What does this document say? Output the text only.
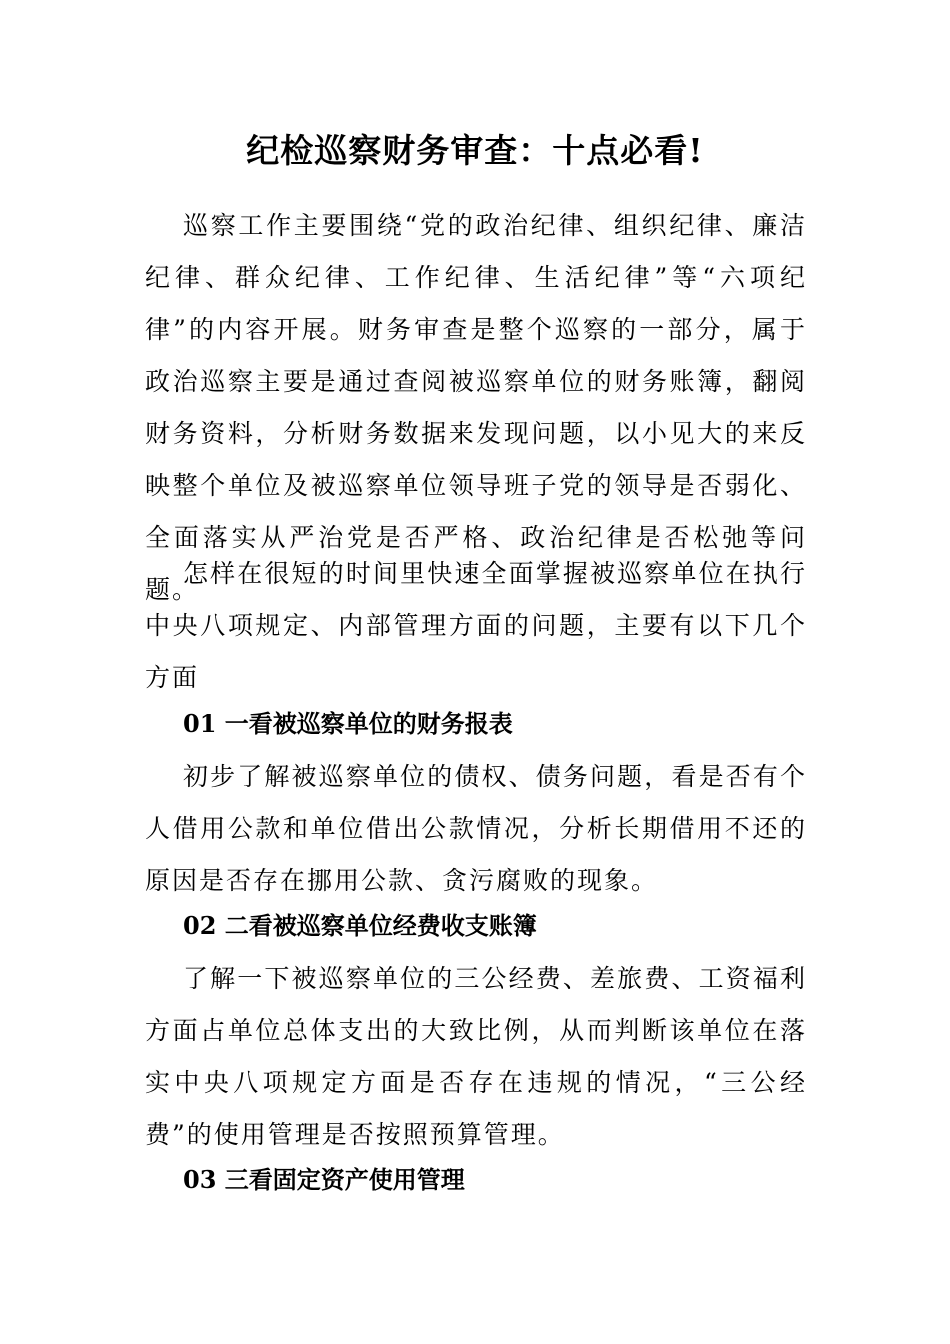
纪检巡察财务审查：十点必看!

巡察工作主要围绕“党的政治纪律、组织纪律、廉洁纪律、群众纪律、工作纪律、生活纪律”等“六项纪律”的内容开展。财务审查是整个巡察的一部分，属于政治巡察主要是通过查阅被巡察单位的财务账簿，翻阅财务资料，分析财务数据来发现问题，以小见大的来反映整个单位及被巡察单位领导班子党的领导是否弱化、全面落实从严治党是否严格、政治纪律是否松弛等问题。

怎样在很短的时间里快速全面掌握被巡察单位在执行中央八项规定、内部管理方面的问题，主要有以下几个方面

01 一看被巡察单位的财务报表

初步了解被巡察单位的债权、债务问题，看是否有个人借用公款和单位借出公款情况，分析长期借用不还的原因是否存在挪用公款、贪污腐败的现象。

02 二看被巡察单位经费收支账簿

了解一下被巡察单位的三公经费、差旅费、工资福利方面占单位总体支出的大致比例，从而判断该单位在落实中央八项规定方面是否存在违规的情况，“三公经费”的使用管理是否按照预算管理。

03 三看固定资产使用管理
